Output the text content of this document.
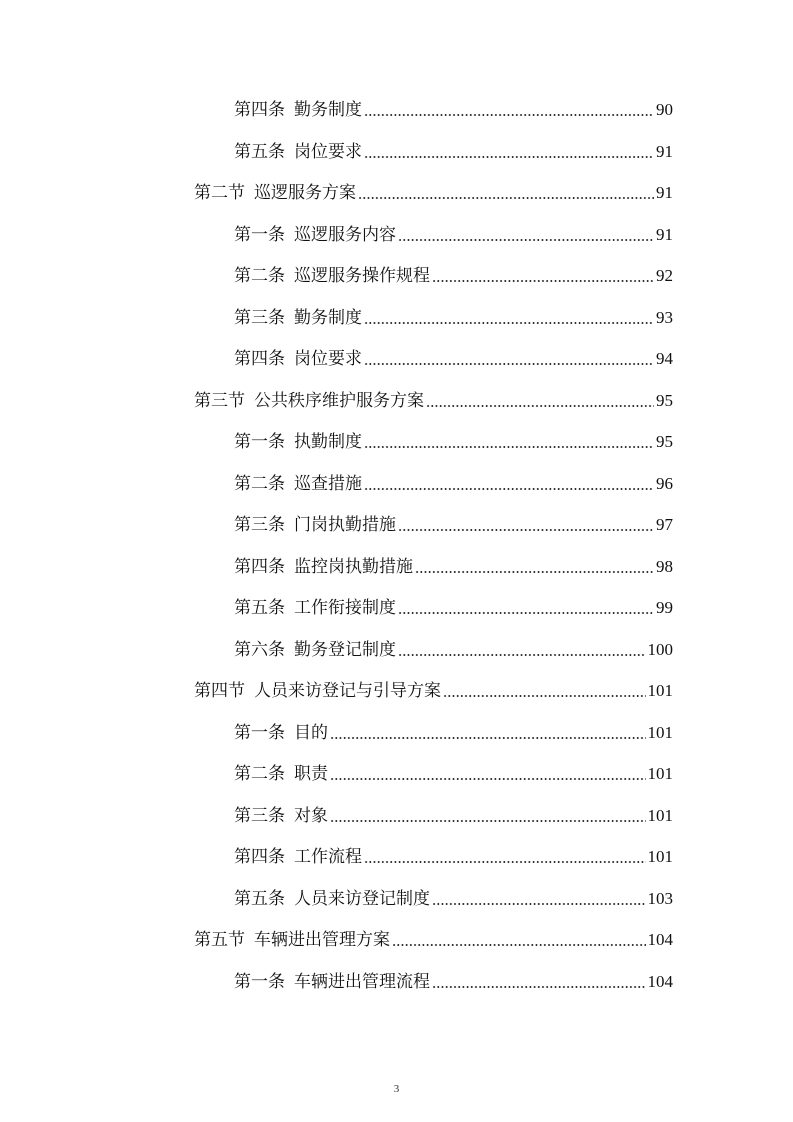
第四条 勤务制度	90
第五条 岗位要求	91
第二节 巡逻服务方案	91
第一条 巡逻服务内容	91
第二条 巡逻服务操作规程	92
第三条 勤务制度	93
第四条 岗位要求	94
第三节 公共秩序维护服务方案	95
第一条 执勤制度	95
第二条 巡查措施	96
第三条 门岗执勤措施	97
第四条 监控岗执勤措施	98
第五条 工作衔接制度	99
第六条 勤务登记制度	100
第四节 人员来访登记与引导方案	101
第一条 目的	101
第二条 职责	101
第三条 对象	101
第四条 工作流程	101
第五条 人员来访登记制度	103
第五节 车辆进出管理方案	104
第一条 车辆进出管理流程	104
3
